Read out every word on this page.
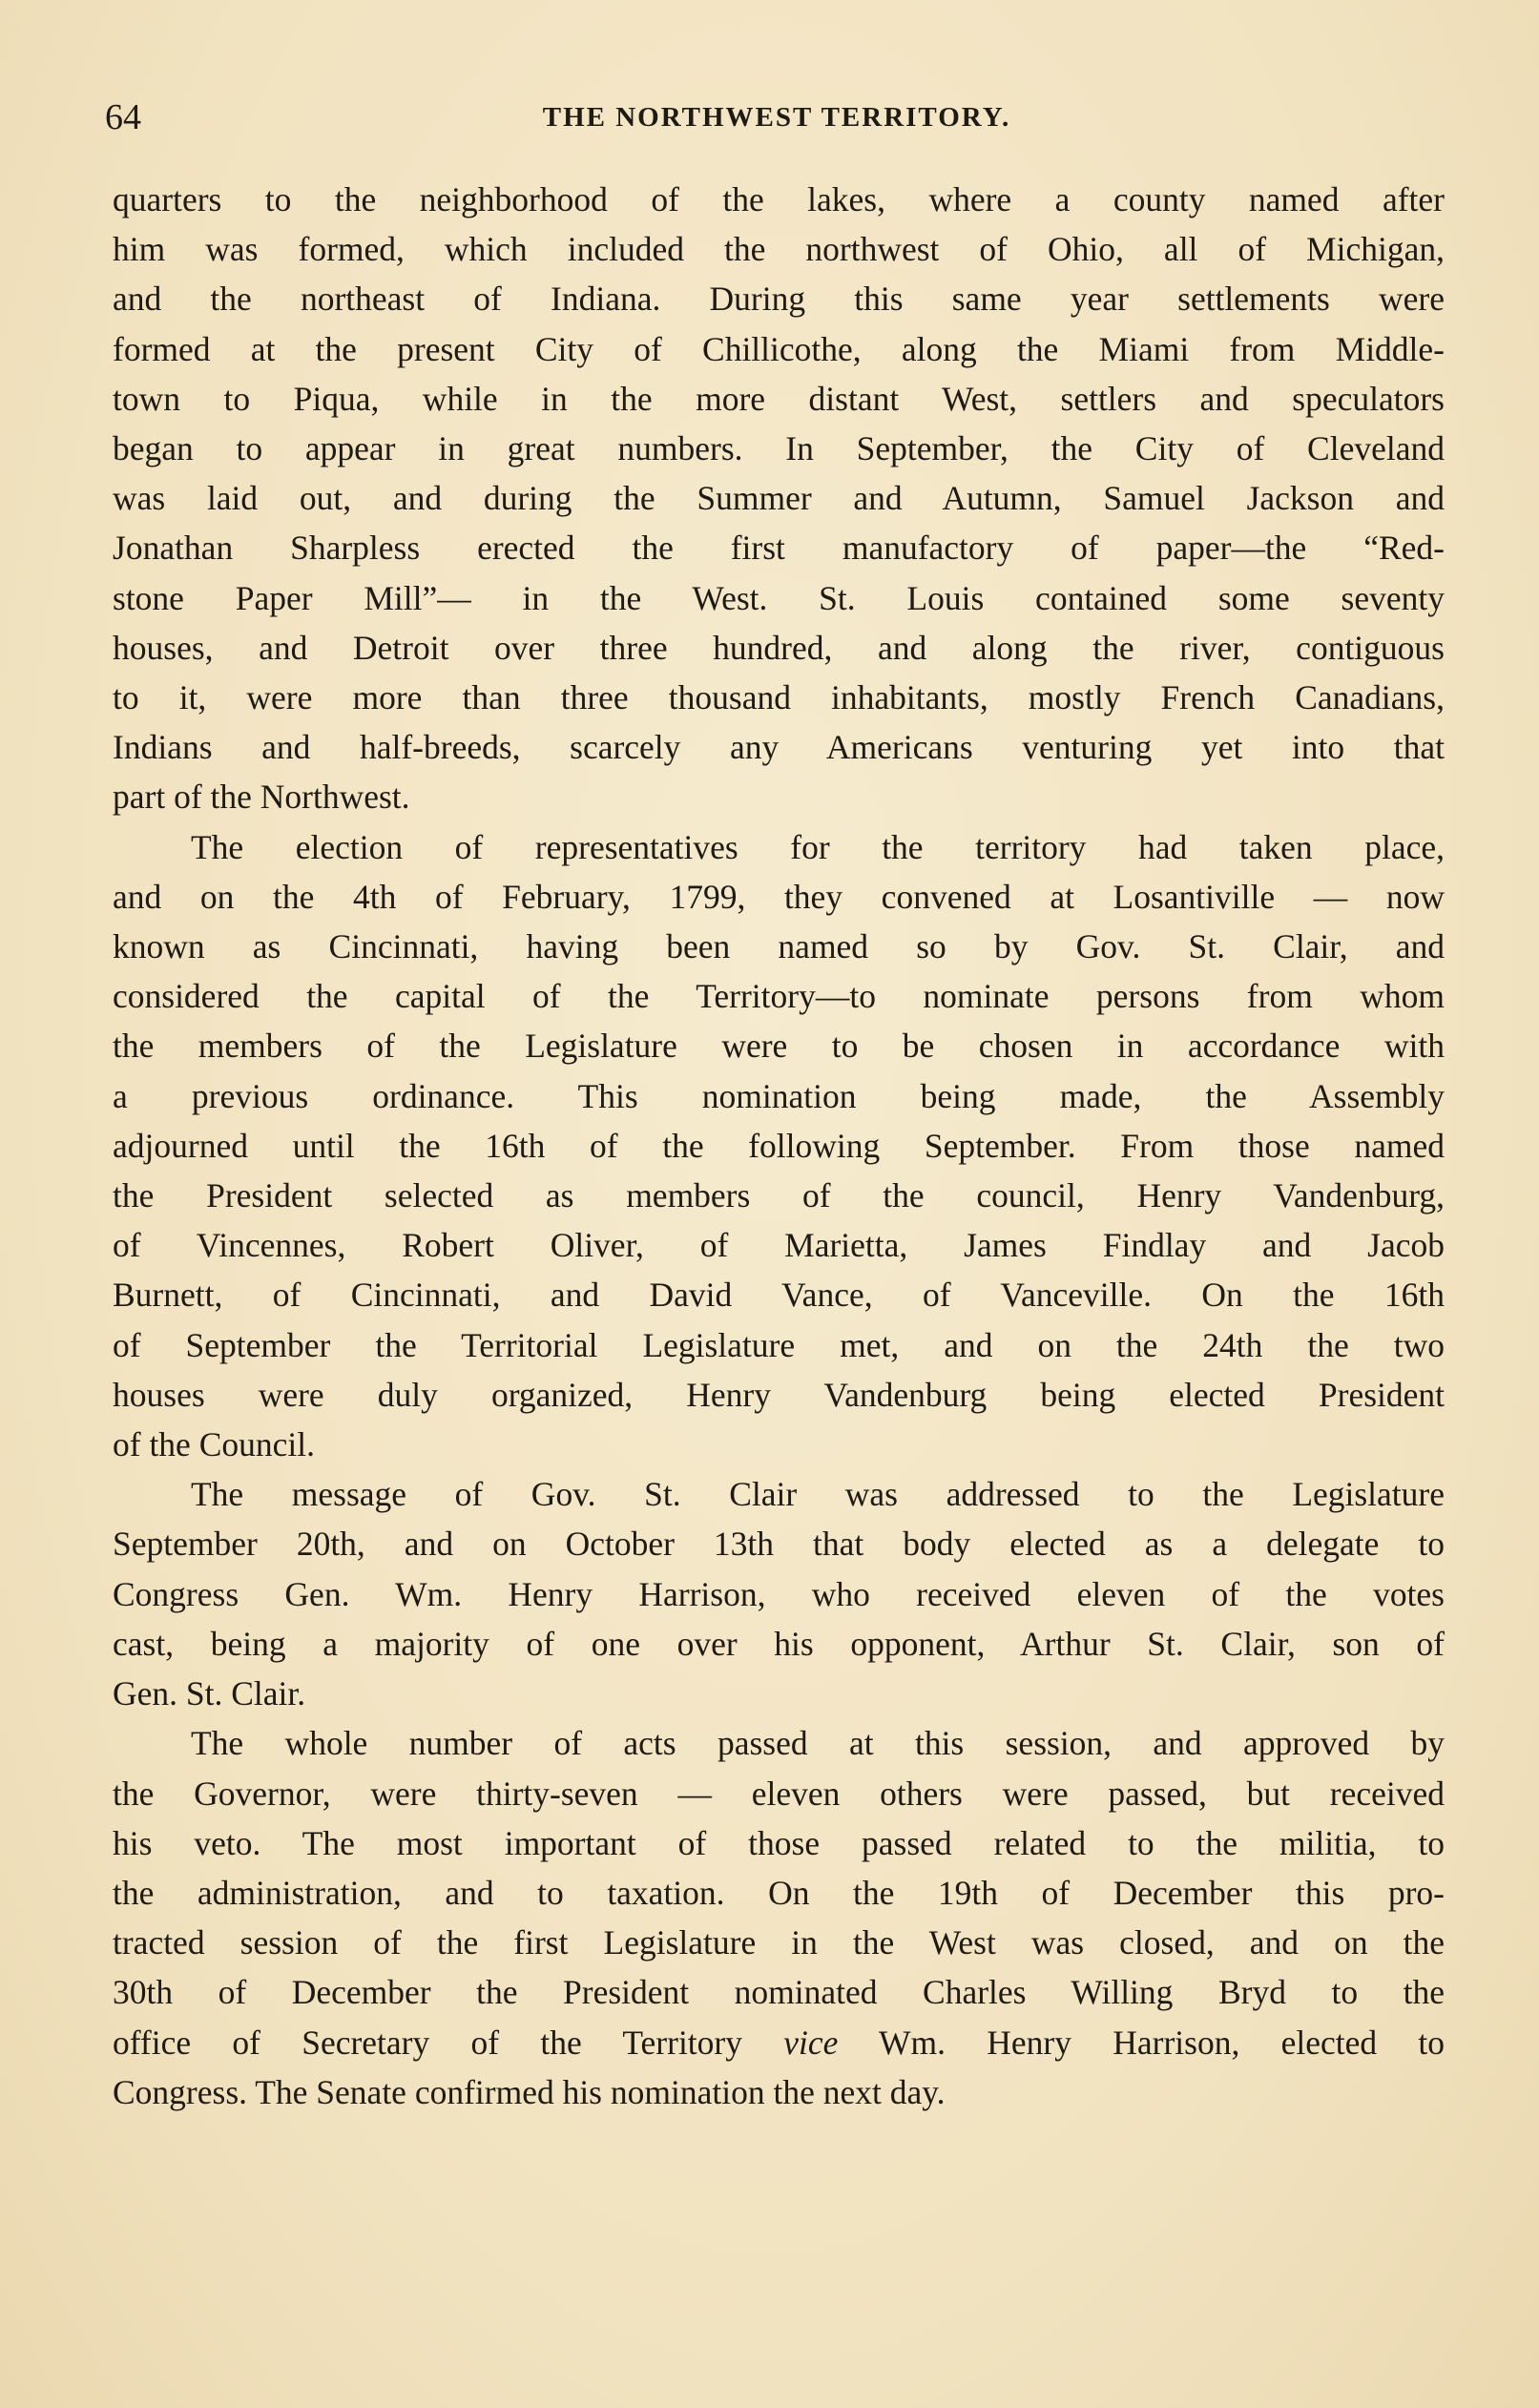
64	THE NORTHWEST TERRITORY.

quarters to the neighborhood of the lakes, where a county named after
him was formed, which included the northwest of Ohio, all of Michigan,
and the northeast of Indiana. During this same year settlements were
formed at the present City of Chillicothe, along the Miami from Middle-
town to Piqua, while in the more distant West, settlers and speculators
began to appear in great numbers. In September, the City of Cleveland
was laid out, and during the Summer and Autumn, Samuel Jackson and
Jonathan Sharpless erected the first manufactory of paper—the “Red-
stone Paper Mill”— in the West. St. Louis contained some seventy
houses, and Detroit over three hundred, and along the river, contiguous
to it, were more than three thousand inhabitants, mostly French Canadians,
Indians and half-breeds, scarcely any Americans venturing yet into that
part of the Northwest.

The election of representatives for the territory had taken place,
and on the 4th of February, 1799, they convened at Losantiville — now
known as Cincinnati, having been named so by Gov. St. Clair, and
considered the capital of the Territory—to nominate persons from whom
the members of the Legislature were to be chosen in accordance with
a previous ordinance. This nomination being made, the Assembly
adjourned until the 16th of the following September. From those named
the President selected as members of the council, Henry Vandenburg,
of Vincennes, Robert Oliver, of Marietta, James Findlay and Jacob
Burnett, of Cincinnati, and David Vance, of Vanceville. On the 16th
of September the Territorial Legislature met, and on the 24th the two
houses were duly organized, Henry Vandenburg being elected President
of the Council.

The message of Gov. St. Clair was addressed to the Legislature
September 20th, and on October 13th that body elected as a delegate to
Congress Gen. Wm. Henry Harrison, who received eleven of the votes
cast, being a majority of one over his opponent, Arthur St. Clair, son of
Gen. St. Clair.

The whole number of acts passed at this session, and approved by
the Governor, were thirty-seven — eleven others were passed, but received
his veto. The most important of those passed related to the militia, to
the administration, and to taxation. On the 19th of December this pro-
tracted session of the first Legislature in the West was closed, and on the
30th of December the President nominated Charles Willing Bryd to the
office of Secretary of the Territory vice Wm. Henry Harrison, elected to
Congress. The Senate confirmed his nomination the next day.
